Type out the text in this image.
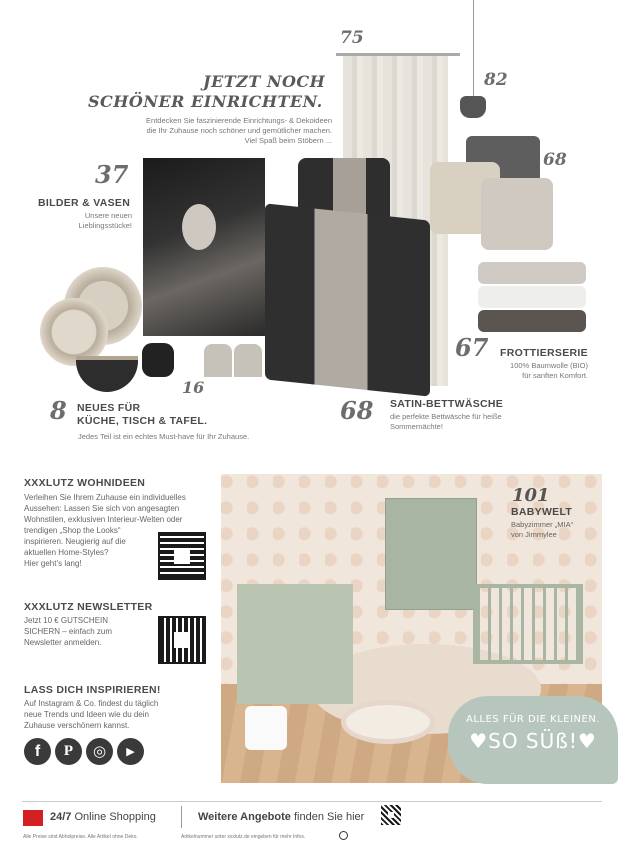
JETZT NOCH
SCHÖNER EINRICHTEN.
Entdecken Sie faszinierende Einrichtungs- & Dekoideen
die Ihr Zuhause noch schöner und gemütlicher machen.
Viel Spaß beim Stöbern ...
75
82
68
37
BILDER & VASEN
Unsere neuen
Lieblingsstücke!
67 FROTTIERSERIE
100% Baumwolle (BIO)
für sanften Komfort.
16
8 NEUES FÜR
KÜCHE, TISCH & TAFEL.
Jedes Teil ist ein echtes Must-have für Ihr Zuhause.
68 SATIN-BETTWÄSCHE
die perfekte Bettwäsche für heiße
Sommernächte!
XXXLUTZ WOHNIDEEN
Verleihen Sie Ihrem Zuhause ein individuelles
Aussehen: Lassen Sie sich von angesagten
Wohnstilen, exklusiven Interieur-Welten oder
trendigen „Shop the Looks“
inspirieren. Neugierig auf die
aktuellen Home-Styles?
Hier geht’s lang!
XXXLUTZ NEWSLETTER
Jetzt 10 € GUTSCHEIN
SICHERN – einfach zum
Newsletter anmelden.
LASS DICH INSPIRIEREN!
Auf Instagram & Co. findest du täglich
neue Trends und Ideen wie du dein
Zuhause verschönern kannst.
f	P	◎	▶
101
BABYWELT
Babyzimmer „MIA“
von Jimmylee
ALLES FÜR DIE KLEINEN.
♥SO SÜß!♥
24/7 Online Shopping	Weitere Angebote finden Sie hier
Alle Preise sind Abholpreise. Alle Artikel ohne Deko.	Artikelnummer unter xxxlutz.de eingeben für mehr Infos.
